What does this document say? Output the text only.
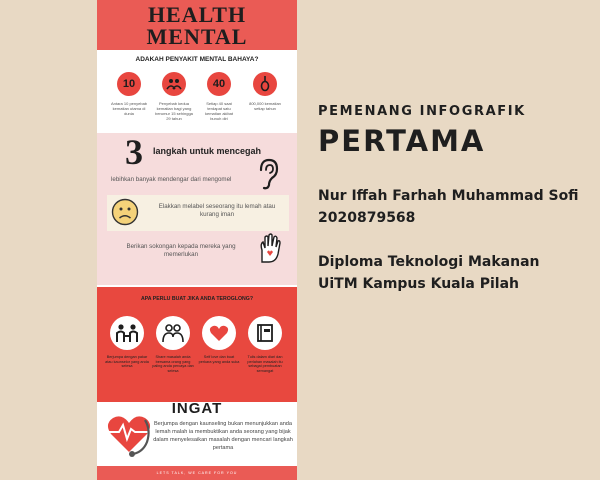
HEALTH
MENTAL
ADAKAH PENYAKIT MENTAL BAHAYA?
10
Antara 10 penyebab kematian utama di dunia
Penyebab kedua kematian bagi yang berumur 15 sehingga 29 tahun
40
Setiap 40 saat terdapat satu kematian akibat bunuh diri
800,000 kematian setiap tahun
3 langkah untuk mencegah
lebihkan banyak mendengar dari mengomel
Elakkan melabel seseorang itu lemah atau kurang iman
Berikan sokongan kepada mereka yang memerlukan
APA PERLU BUAT JIKA ANDA TEROGLONG?
Berjumpa dengan pakar atau kaunselor yang anda selesa
Share masalah anda bersama orang yang paling anda percaya dan selesa
Self love dan buat perkara yang anda suka
Tulis dalam diari dan perlahan masalah itu sebagai pembuatan semangat
INGAT
Berjumpa dengan kaunseling bukan menunjukkan anda lemah malah ia membuktikan anda seorang yang bijak dalam menyelesaikan masalah dengan mencari langkah pertama
LETS TALK, WE CARE FOR YOU
PEMENANG INFOGRAFIK
PERTAMA
Nur Iffah Farhah Muhammad Sofi
2020879568
Diploma Teknologi Makanan
UiTM Kampus Kuala Pilah
